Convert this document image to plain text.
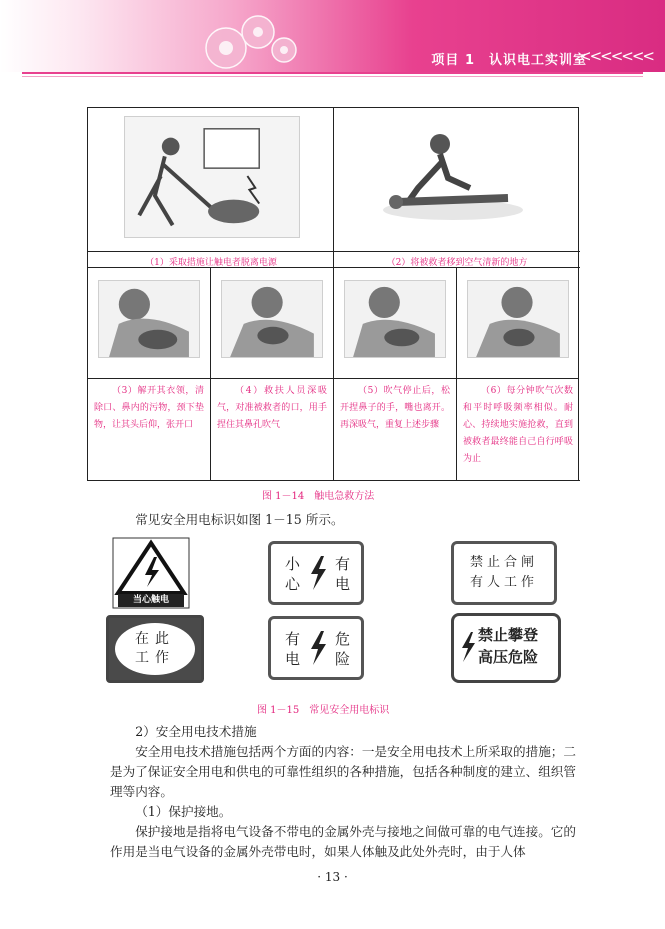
项目 1　认识电工实训室
<<<<<<<
（1）采取措施让触电者脱离电源	（2）将被救者移到空气清新的地方
（3）解开其衣领，清除口、鼻内的污物，颈下垫物，让其头后仰，张开口
（4）救扶人员深吸气，对准被救者的口，用手捏住其鼻孔吹气
（5）吹气停止后，松开捏鼻子的手，嘴也离开。再深吸气，重复上述步骤
（6）每分钟吹气次数和平时呼吸频率相似。耐心、持续地实施抢救，直到被救者最终能自己自行呼吸为止
图 1－14　触电急救方法
常见安全用电标识如图 1－15 所示。
当心触电
小
心
有
电
禁止合闸
有人工作
在此
工作
有
电
危
险
禁止攀登
高压危险
图 1－15　常见安全用电标识
2）安全用电技术措施
安全用电技术措施包括两个方面的内容：一是安全用电技术上所采取的措施；二是为了保证安全用电和供电的可靠性组织的各种措施，包括各种制度的建立、组织管理等内容。
（1）保护接地。
保护接地是指将电气设备不带电的金属外壳与接地之间做可靠的电气连接。它的作用是当电气设备的金属外壳带电时，如果人体触及此处外壳时，由于人体
· 13 ·
